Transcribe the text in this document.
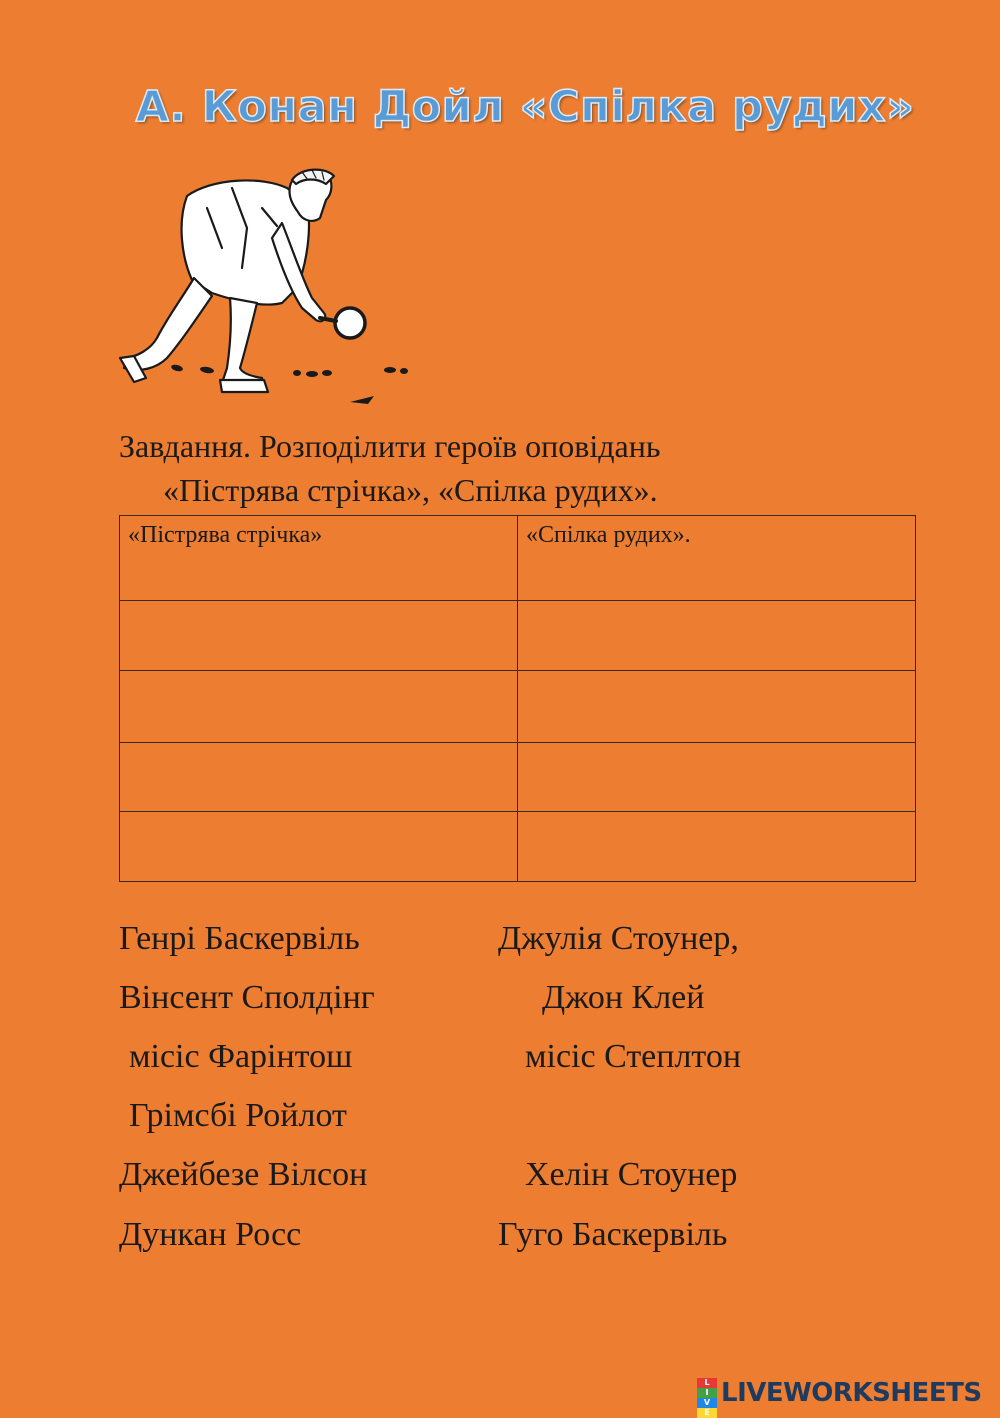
А. Конан Дойл «Спілка рудих»
Завдання. Розподілити героїв оповідань
«Пістрява стрічка», «Спілка рудих».
«Пістрява стрічка»	«Спілка рудих».

Генрі Баскервіль	Джулія Стоунер,
Вінсент Сполдінг	Джон Клей
місіс Фарінтош	місіс Степлтон
Грімсбі Ройлот
Джейбезе Вілсон	Хелін Стоунер
Дункан Росс	Гуго Баскервіль
L
I
V
E
LIVEWORKSHEETS
